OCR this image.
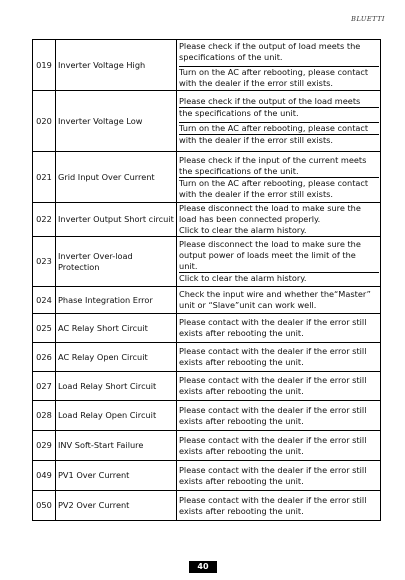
BLUETTI
019	Inverter Voltage High	Please check if the output of load meets the
specifications of the unit.
Turn on the AC after rebooting, please contact
with the dealer if the error still exists.

020	Inverter Voltage Low	Please check if the output of the load meets
the specifications of the unit.
Turn on the AC after rebooting, please contact
with the dealer if the error still exists.

021	Grid Input Over Current	Please check if the input of the current meets
the specifications of the unit.
Turn on the AC after rebooting, please contact
with the dealer if the error still exists.

022	Inverter Output Short circuit	Please disconnect the load to make sure the
load has been connected properly.
Click to clear the alarm history.

023	Inverter Over-load Protection	Please disconnect the load to make sure the
output power of loads meet the limit of the
unit.
Click to clear the alarm history.

024	Phase Integration Error	Check the input wire and whether the“Master”
unit or “Slave”unit can work well.

025	AC Relay Short Circuit	Please contact with the dealer if the error still
exists after rebooting the unit.

026	AC Relay Open Circuit	Please contact with the dealer if the error still
exists after rebooting the unit.

027	Load Relay Short Circuit	Please contact with the dealer if the error still
exists after rebooting the unit.

028	Load Relay Open Circuit	Please contact with the dealer if the error still
exists after rebooting the unit.

029	INV Soft-Start Failure	Please contact with the dealer if the error still
exists after rebooting the unit.

049	PV1 Over Current	Please contact with the dealer if the error still
exists after rebooting the unit.

050	PV2 Over Current	Please contact with the dealer if the error still
exists after rebooting the unit.
40
